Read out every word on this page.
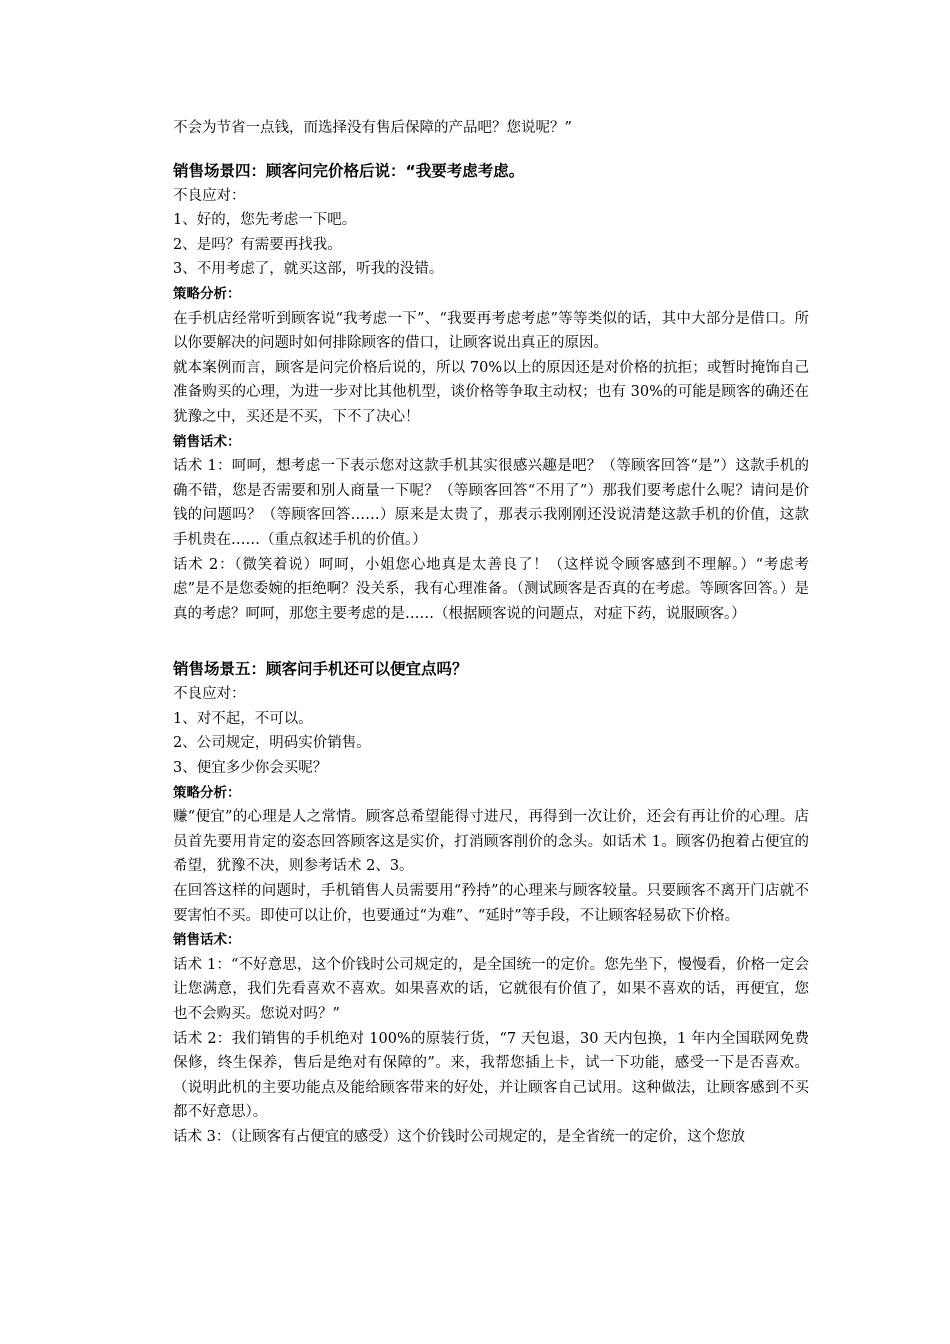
不会为节省一点钱，而选择没有售后保障的产品吧？您说呢？”

销售场景四：顾客问完价格后说：“我要考虑考虑。

不良应对：

1、好的，您先考虑一下吧。

2、是吗？有需要再找我。

3、不用考虑了，就买这部，听我的没错。

策略分析：

在手机店经常听到顾客说“我考虑一下”、“我要再考虑考虑”等等类似的话，其中大部分是借口。所以你要解决的问题时如何排除顾客的借口，让顾客说出真正的原因。

就本案例而言，顾客是问完价格后说的，所以 70%以上的原因还是对价格的抗拒；或暂时掩饰自己准备购买的心理，为进一步对比其他机型，谈价格等争取主动权；也有 30%的可能是顾客的确还在犹豫之中，买还是不买，下不了决心！

销售话术：

话术 1：呵呵，想考虑一下表示您对这款手机其实很感兴趣是吧？（等顾客回答“是”）这款手机的确不错，您是否需要和别人商量一下呢？（等顾客回答“不用了”）那我们要考虑什么呢？请问是价钱的问题吗？（等顾客回答……）原来是太贵了，那表示我刚刚还没说清楚这款手机的价值，这款手机贵在……（重点叙述手机的价值。）

话术 2：（微笑着说）呵呵，小姐您心地真是太善良了！（这样说令顾客感到不理解。）“考虑考虑”是不是您委婉的拒绝啊？没关系，我有心理准备。（测试顾客是否真的在考虑。等顾客回答。）是真的考虑？呵呵，那您主要考虑的是……（根据顾客说的问题点，对症下药，说服顾客。）

销售场景五：顾客问手机还可以便宜点吗？

不良应对：

1、对不起，不可以。

2、公司规定，明码实价销售。

3、便宜多少你会买呢？

策略分析：

赚“便宜”的心理是人之常情。顾客总希望能得寸进尺，再得到一次让价，还会有再让价的心理。店员首先要用肯定的姿态回答顾客这是实价，打消顾客削价的念头。如话术 1。顾客仍抱着占便宜的希望，犹豫不决，则参考话术 2、3。

在回答这样的问题时，手机销售人员需要用“矜持”的心理来与顾客较量。只要顾客不离开门店就不要害怕不买。即使可以让价，也要通过“为难”、“延时”等手段，不让顾客轻易砍下价格。

销售话术：

话术 1：“不好意思，这个价钱时公司规定的，是全国统一的定价。您先坐下，慢慢看，价格一定会让您满意，我们先看喜欢不喜欢。如果喜欢的话，它就很有价值了，如果不喜欢的话，再便宜，您也不会购买。您说对吗？”

话术 2：我们销售的手机绝对 100%的原装行货，“7 天包退，30 天内包换，1 年内全国联网免费保修，终生保养，售后是绝对有保障的”。来，我帮您插上卡，试一下功能，感受一下是否喜欢。（说明此机的主要功能点及能给顾客带来的好处，并让顾客自己试用。这种做法，让顾客感到不买都不好意思）。

话术 3：（让顾客有占便宜的感受）这个价钱时公司规定的，是全省统一的定价，这个您放
